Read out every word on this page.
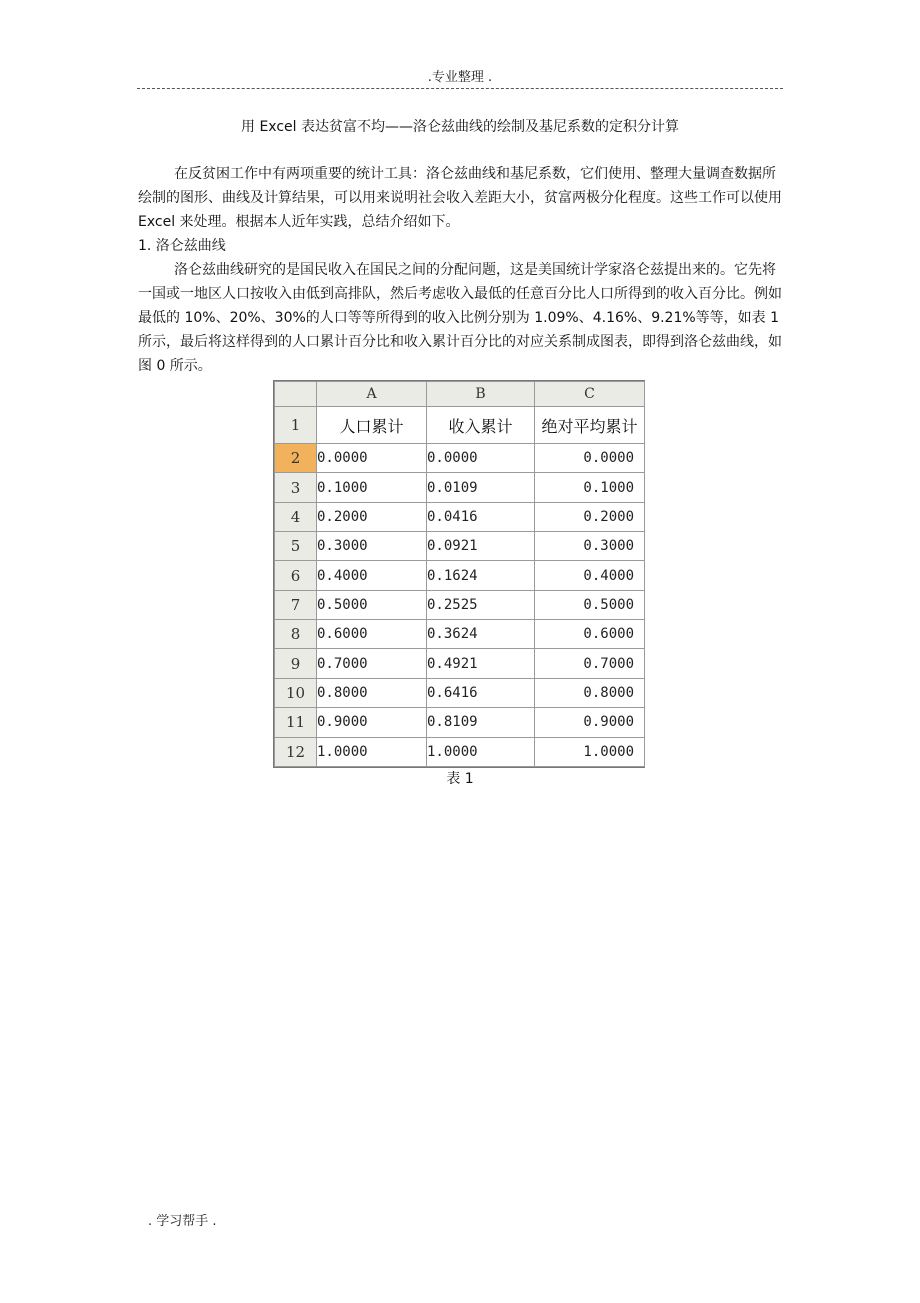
.专业整理 .
用 Excel 表达贫富不均——洛仑兹曲线的绘制及基尼系数的定积分计算

在反贫困工作中有两项重要的统计工具：洛仑兹曲线和基尼系数，它们使用、整理大量调查数据所绘制的图形、曲线及计算结果，可以用来说明社会收入差距大小，贫富两极分化程度。这些工作可以使用 Excel 来处理。根据本人近年实践，总结介绍如下。

1. 洛仑兹曲线

洛仑兹曲线研究的是国民收入在国民之间的分配问题，这是美国统计学家洛仑兹提出来的。它先将一国或一地区人口按收入由低到高排队，然后考虑收入最低的任意百分比人口所得到的收入百分比。例如最低的 10%、20%、30%的人口等等所得到的收入比例分别为 1.09%、4.16%、9.21%等等，如表 1 所示，最后将这样得到的人口累计百分比和收入累计百分比的对应关系制成图表，即得到洛仑兹曲线，如图 0 所示。

	A	B	C
1	人口累计	收入累计	绝对平均累计
2	0.0000	0.0000	0.0000
3	0.1000	0.0109	0.1000
4	0.2000	0.0416	0.2000
5	0.3000	0.0921	0.3000
6	0.4000	0.1624	0.4000
7	0.5000	0.2525	0.5000
8	0.6000	0.3624	0.6000
9	0.7000	0.4921	0.7000
10	0.8000	0.6416	0.8000
11	0.9000	0.8109	0.9000
12	1.0000	1.0000	1.0000
表 1
. 学习帮手 .
